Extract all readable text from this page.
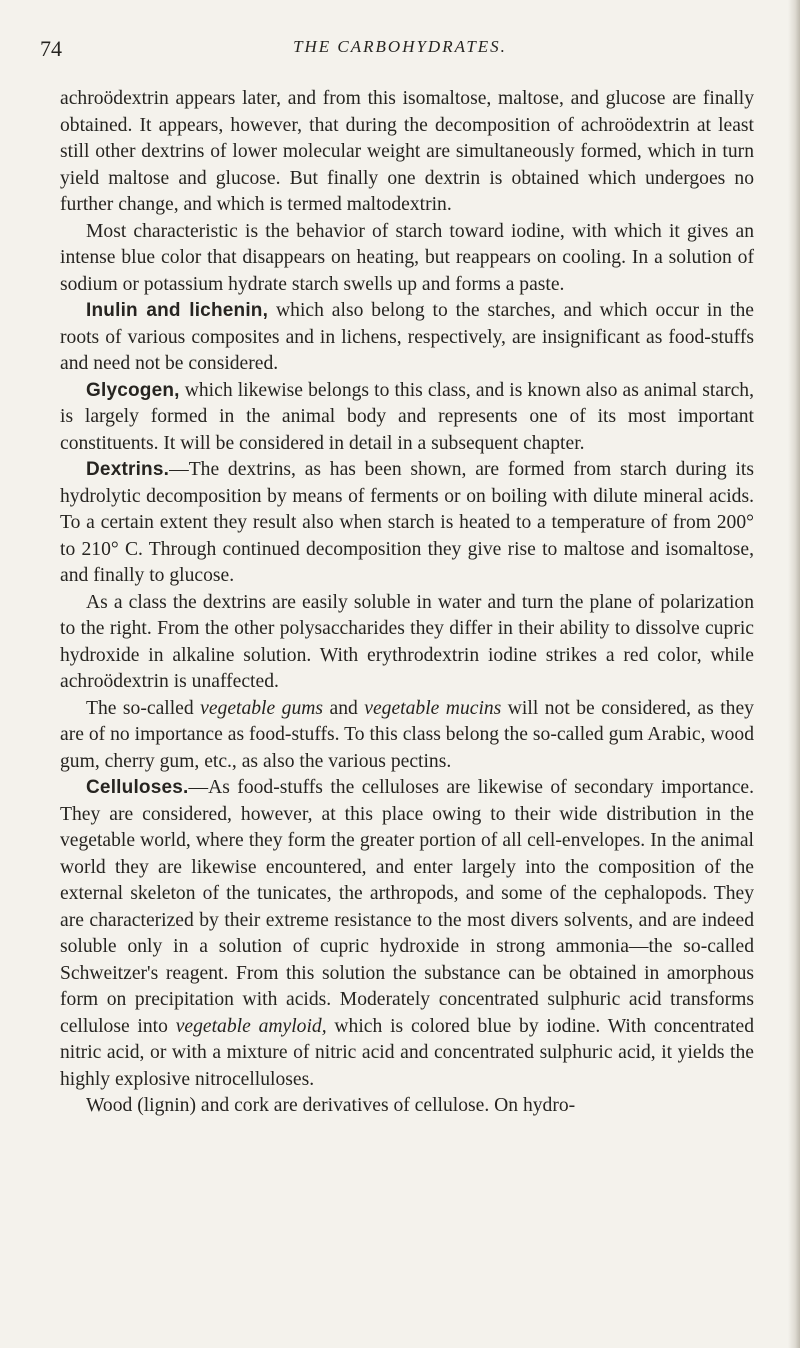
74	THE CARBOHYDRATES.

achroödextrin appears later, and from this isomaltose, maltose, and glucose are finally obtained. It appears, however, that during the decomposition of achroödextrin at least still other dextrins of lower molecular weight are simultaneously formed, which in turn yield maltose and glucose. But finally one dextrin is obtained which undergoes no further change, and which is termed maltodextrin.

Most characteristic is the behavior of starch toward iodine, with which it gives an intense blue color that disappears on heating, but reappears on cooling. In a solution of sodium or potassium hydrate starch swells up and forms a paste.

Inulin and lichenin, which also belong to the starches, and which occur in the roots of various composites and in lichens, respectively, are insignificant as food-stuffs and need not be considered.

Glycogen, which likewise belongs to this class, and is known also as animal starch, is largely formed in the animal body and represents one of its most important constituents. It will be considered in detail in a subsequent chapter.

Dextrins.—The dextrins, as has been shown, are formed from starch during its hydrolytic decomposition by means of ferments or on boiling with dilute mineral acids. To a certain extent they result also when starch is heated to a temperature of from 200° to 210° C. Through continued decomposition they give rise to maltose and isomaltose, and finally to glucose.

As a class the dextrins are easily soluble in water and turn the plane of polarization to the right. From the other polysaccharides they differ in their ability to dissolve cupric hydroxide in alkaline solution. With erythrodextrin iodine strikes a red color, while achroödextrin is unaffected.

The so-called vegetable gums and vegetable mucins will not be considered, as they are of no importance as food-stuffs. To this class belong the so-called gum Arabic, wood gum, cherry gum, etc., as also the various pectins.

Celluloses.—As food-stuffs the celluloses are likewise of secondary importance. They are considered, however, at this place owing to their wide distribution in the vegetable world, where they form the greater portion of all cell-envelopes. In the animal world they are likewise encountered, and enter largely into the composition of the external skeleton of the tunicates, the arthropods, and some of the cephalopods. They are characterized by their extreme resistance to the most divers solvents, and are indeed soluble only in a solution of cupric hydroxide in strong ammonia—the so-called Schweitzer's reagent. From this solution the substance can be obtained in amorphous form on precipitation with acids. Moderately concentrated sulphuric acid transforms cellulose into vegetable amyloid, which is colored blue by iodine. With concentrated nitric acid, or with a mixture of nitric acid and concentrated sulphuric acid, it yields the highly explosive nitrocelluloses.

Wood (lignin) and cork are derivatives of cellulose. On hydro-
